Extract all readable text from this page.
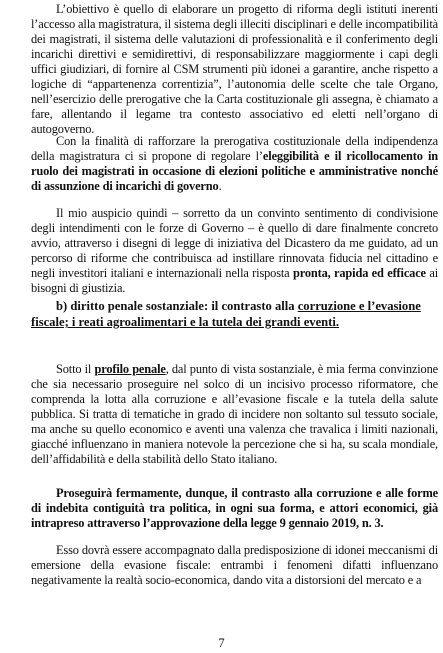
L’obiettivo è quello di elaborare un progetto di riforma degli istituti inerenti l’accesso alla magistratura, il sistema degli illeciti disciplinari e delle incompatibilità dei magistrati, il sistema delle valutazioni di professionalità e il conferimento degli incarichi direttivi e semidirettivi, di responsabilizzare maggiormente i capi degli uffici giudiziari, di fornire al CSM strumenti più idonei a garantire, anche rispetto a logiche di “appartenenza correntizia”, l’autonomia delle scelte che tale Organo, nell’esercizio delle prerogative che la Carta costituzionale gli assegna, è chiamato a fare, allentando il legame tra contesto associativo ed eletti nell’organo di autogoverno.

Con la finalità di rafforzare la prerogativa costituzionale della indipendenza della magistratura ci si propone di regolare l’eleggibilità e il ricollocamento in ruolo dei magistrati in occasione di elezioni politiche e amministrative nonché di assunzione di incarichi di governo.

Il mio auspicio quindi – sorretto da un convinto sentimento di condivisione degli intendimenti con le forze di Governo – è quello di dare finalmente concreto avvio, attraverso i disegni di legge di iniziativa del Dicastero da me guidato, ad un percorso di riforme che contribuisca ad instillare rinnovata fiducia nel cittadino e negli investitori italiani e internazionali nella risposta pronta, rapida ed efficace ai bisogni di giustizia.

b) diritto penale sostanziale: il contrasto alla corruzione e l’evasione fiscale; i reati agroalimentari e la tutela dei grandi eventi.

Sotto il profilo penale, dal punto di vista sostanziale, è mia ferma convinzione che sia necessario proseguire nel solco di un incisivo processo riformatore, che comprenda la lotta alla corruzione e all’evasione fiscale e la tutela della salute pubblica. Si tratta di tematiche in grado di incidere non soltanto sul tessuto sociale, ma anche su quello economico e aventi una valenza che travalica i limiti nazionali, giacché influenzano in maniera notevole la percezione che si ha, su scala mondiale, dell’affidabilità e della stabilità dello Stato italiano.

Proseguirà fermamente, dunque, il contrasto alla corruzione e alle forme di indebita contiguità tra politica, in ogni sua forma, e attori economici, già intrapreso attraverso l’approvazione della legge 9 gennaio 2019, n. 3.

Esso dovrà essere accompagnato dalla predisposizione di idonei meccanismi di emersione della evasione fiscale: entrambi i fenomeni difatti influenzano negativamente la realtà socio-economica, dando vita a distorsioni del mercato e a

7
